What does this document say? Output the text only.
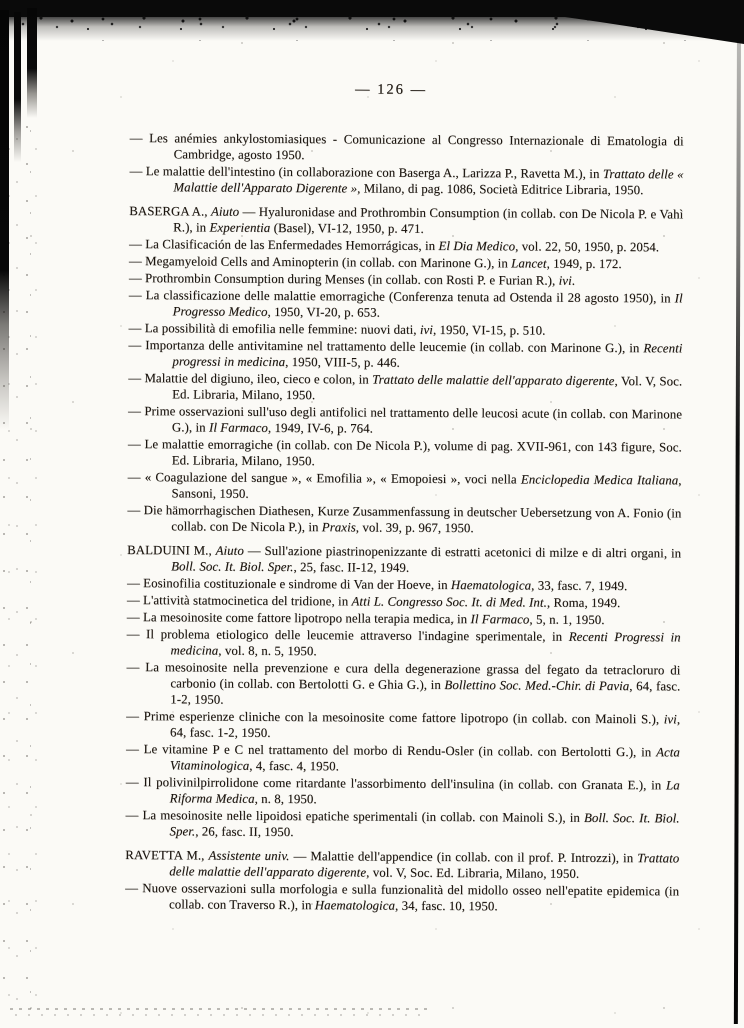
— 126 —

— Les anémies ankylostomiasiques - Comunicazione al Congresso Internazionale di Ematologia di Cambridge, agosto 1950.

— Le malattie dell'intestino (in collaborazione con Baserga A., Larizza P., Ravetta M.), in Trattato delle « Malattie dell'Apparato Digerente », Milano, di pag. 1086, Società Editrice Libraria, 1950.

BASERGA A., Aiuto — Hyaluronidase and Prothrombin Consumption (in collab. con De Nicola P. e Vahì R.), in Experientia (Basel), VI-12, 1950, p. 471.

— La Clasificación de las Enfermedades Hemorrágicas, in El Dia Medico, vol. 22, 50, 1950, p. 2054.

— Megamyeloid Cells and Aminopterin (in collab. con Marinone G.), in Lancet, 1949, p. 172.

— Prothrombin Consumption during Menses (in collab. con Rosti P. e Furian R.), ivi.

— La classificazione delle malattie emorragiche (Conferenza tenuta ad Ostenda il 28 agosto 1950), in Il Progresso Medico, 1950, VI-20, p. 653.

— La possibilità di emofilia nelle femmine: nuovi dati, ivi, 1950, VI-15, p. 510.

— Importanza delle antivitamine nel trattamento delle leucemie (in collab. con Marinone G.), in Recenti progressi in medicina, 1950, VIII-5, p. 446.

— Malattie del digiuno, ileo, cieco e colon, in Trattato delle malattie dell'apparato digerente, Vol. V, Soc. Ed. Libraria, Milano, 1950.

— Prime osservazioni sull'uso degli antifolici nel trattamento delle leucosi acute (in collab. con Marinone G.), in Il Farmaco, 1949, IV-6, p. 764.

— Le malattie emorragiche (in collab. con De Nicola P.), volume di pag. XVII-961, con 143 figure, Soc. Ed. Libraria, Milano, 1950.

— « Coagulazione del sangue », « Emofilia », « Emopoiesi », voci nella Enciclopedia Medica Italiana, Sansoni, 1950.

— Die hämorrhagischen Diathesen, Kurze Zusammenfassung in deutscher Uebersetzung von A. Fonio (in collab. con De Nicola P.), in Praxis, vol. 39, p. 967, 1950.

BALDUINI M., Aiuto — Sull'azione piastrinopenizzante di estratti acetonici di milze e di altri organi, in Boll. Soc. It. Biol. Sper., 25, fasc. II-12, 1949.

— Eosinofilia costituzionale e sindrome di Van der Hoeve, in Haematologica, 33, fasc. 7, 1949.

— L'attività statmocinetica del tridione, in Atti L. Congresso Soc. It. di Med. Int., Roma, 1949.

— La mesoinosite come fattore lipotropo nella terapia medica, in Il Farmaco, 5, n. 1, 1950.

— Il problema etiologico delle leucemie attraverso l'indagine sperimentale, in Recenti Progressi in medicina, vol. 8, n. 5, 1950.

— La mesoinosite nella prevenzione e cura della degenerazione grassa del fegato da tetracloruro di carbonio (in collab. con Bertolotti G. e Ghia G.), in Bollettino Soc. Med.-Chir. di Pavia, 64, fasc. 1-2, 1950.

— Prime esperienze cliniche con la mesoinosite come fattore lipotropo (in collab. con Mainoli S.), ivi, 64, fasc. 1-2, 1950.

— Le vitamine P e C nel trattamento del morbo di Rendu-Osler (in collab. con Bertolotti G.), in Acta Vitaminologica, 4, fasc. 4, 1950.

— Il polivinilpirrolidone come ritardante l'assorbimento dell'insulina (in collab. con Granata E.), in La Riforma Medica, n. 8, 1950.

— La mesoinosite nelle lipoidosi epatiche sperimentali (in collab. con Mainoli S.), in Boll. Soc. It. Biol. Sper., 26, fasc. II, 1950.

RAVETTA M., Assistente univ. — Malattie dell'appendice (in collab. con il prof. P. Introzzi), in Trattato delle malattie dell'apparato digerente, vol. V, Soc. Ed. Libraria, Milano, 1950.

— Nuove osservazioni sulla morfologia e sulla funzionalità del midollo osseo nell'epatite epidemica (in collab. con Traverso R.), in Haematologica, 34, fasc. 10, 1950.
